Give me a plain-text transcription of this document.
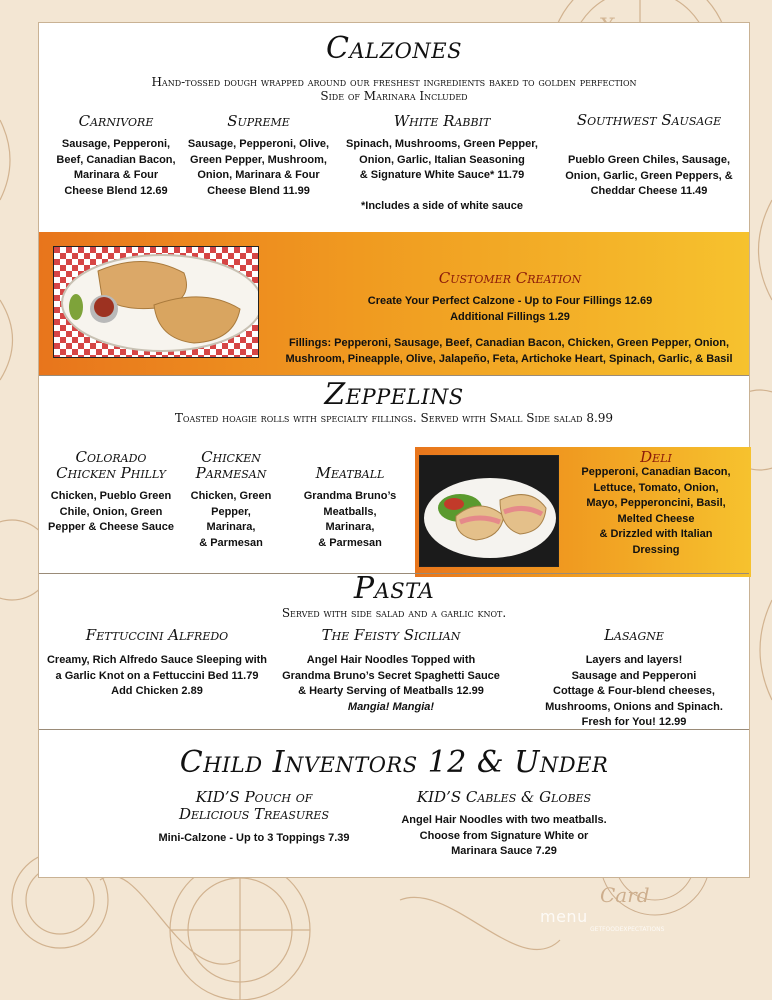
Card
Calzones
Hand-tossed dough wrapped around our freshest ingredients baked to golden perfection
Side of Marinara Included
Carnivore
Sausage, Pepperoni,
Beef, Canadian Bacon,
Marinara & Four
Cheese Blend 12.69
Supreme
Sausage, Pepperoni, Olive,
Green Pepper, Mushroom,
Onion, Marinara & Four
Cheese Blend 11.99
White Rabbit
Spinach, Mushrooms, Green Pepper,
Onion, Garlic, Italian Seasoning
& Signature White Sauce* 11.79
*Includes a side of white sauce
Southwest Sausage
Pueblo Green Chiles, Sausage,
Onion, Garlic, Green Peppers, &
Cheddar Cheese 11.49
Customer Creation
Create Your Perfect Calzone - Up to Four Fillings 12.69
Additional Fillings 1.29
Fillings: Pepperoni, Sausage, Beef, Canadian Bacon, Chicken, Green Pepper, Onion,
Mushroom, Pineapple, Olive, Jalapeño, Feta, Artichoke Heart, Spinach, Garlic, & Basil
Zeppelins
Toasted hoagie rolls with specialty fillings. Served with Small Side salad 8.99
Colorado
Chicken Philly
Chicken, Pueblo Green
Chile, Onion, Green
Pepper & Cheese Sauce
Chicken
Parmesan
Chicken, Green
Pepper,
Marinara,
& Parmesan
Meatball
Grandma Bruno’s
Meatballs,
Marinara,
& Parmesan
Deli
Pepperoni, Canadian Bacon,
Lettuce, Tomato, Onion,
Mayo, Pepperoncini, Basil,
Melted Cheese
& Drizzled with Italian
Dressing
Pasta
Served with side salad and a garlic knot.
Fettuccini Alfredo
Creamy, Rich Alfredo Sauce Sleeping with
a Garlic Knot on a Fettuccini Bed 11.79
Add Chicken 2.89
The Feisty Sicilian
Angel Hair Noodles Topped with
Grandma Bruno’s Secret Spaghetti Sauce
& Hearty Serving of Meatballs 12.99
Mangia! Mangia!
Lasagne
Layers and layers!
Sausage and Pepperoni
Cottage & Four-blend cheeses,
Mushrooms, Onions and Spinach.
Fresh for You! 12.99
Child Inventors 12 & Under
KID’S Pouch of
Delicious Treasures
Mini-Calzone - Up to 3 Toppings 7.39
KID’S Cables & Globes
Angel Hair Noodles with two meatballs.
Choose from Signature White or
Marinara Sauce 7.29
menu
GETFOODEXPECTATIONS
